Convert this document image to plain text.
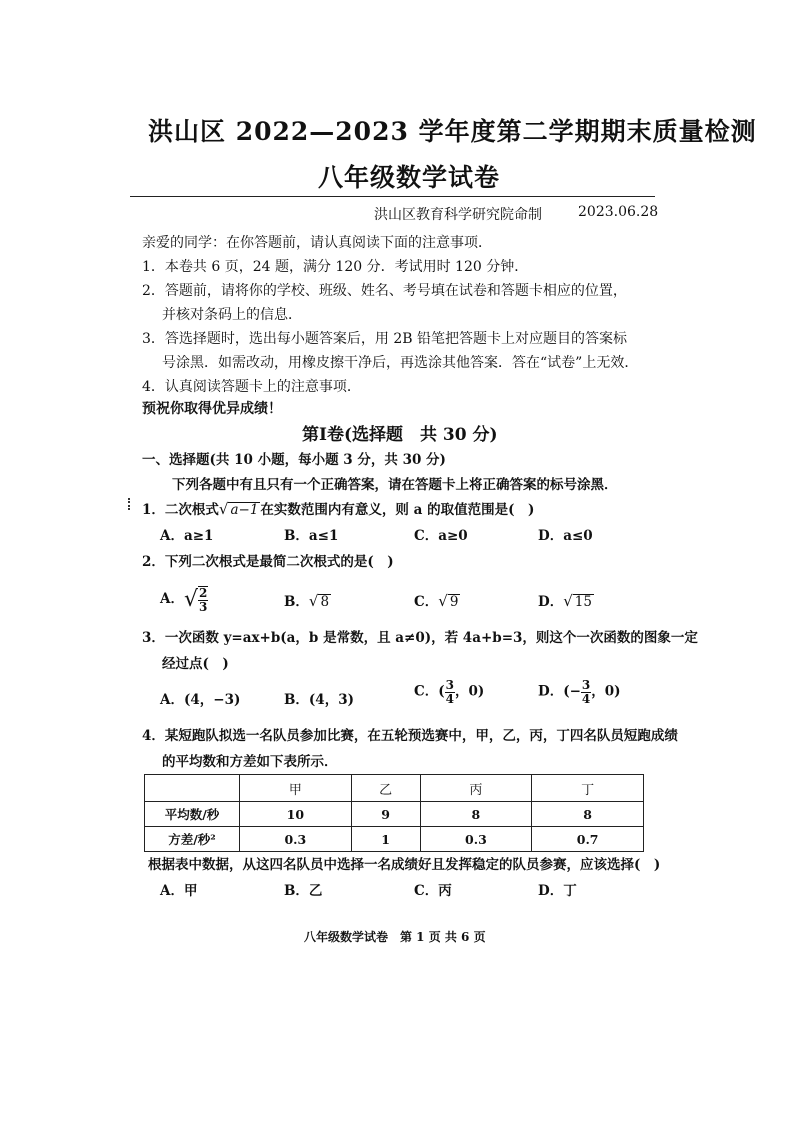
洪山区 2022—2023 学年度第二学期期末质量检测
八年级数学试卷
洪山区教育科学研究院命制	2023.06.28
亲爱的同学：在你答题前，请认真阅读下面的注意事项．
1．本卷共 6 页，24 题，满分 120 分．考试用时 120 分钟．
2．答题前，请将你的学校、班级、姓名、考号填在试卷和答题卡相应的位置，
并核对条码上的信息．
3．答选择题时，选出每小题答案后，用 2B 铅笔把答题卡上对应题目的答案标
号涂黑．如需改动，用橡皮擦干净后，再选涂其他答案．答在“试卷”上无效．
4．认真阅读答题卡上的注意事项．
预祝你取得优异成绩！
第Ⅰ卷(选择题　共 30 分)
一、选择题(共 10 小题，每小题 3 分，共 30 分)
下列各题中有且只有一个正确答案，请在答题卡上将正确答案的标号涂黑．
1．二次根式√ a−1 在实数范围内有意义，则 a 的取值范围是(　)
A．a≥1	B．a≤1	C．a≥0	D．a≤0
2．下列二次根式是最简二次根式的是(　)
A．√ $\frac{2}{3}$	B．√ 8	C．√ 9	D．√ 15
3．一次函数 y=ax+b(a，b 是常数，且 a≠0)，若 4a+b=3，则这个一次函数的图象一定
经过点(　)
A．(4，−3)	B．(4，3)
C．( $\frac{3}{4}$ ，0)	D．(− $\frac{3}{4}$ ，0)
4．某短跑队拟选一名队员参加比赛，在五轮预选赛中，甲，乙，丙，丁四名队员短跑成绩
的平均数和方差如下表所示．
	甲	乙	丙	丁
平均数/秒	10	9	8	8
方差/秒²	0.3	1	0.3	0.7
根据表中数据，从这四名队员中选择一名成绩好且发挥稳定的队员参赛，应该选择(　)
A．甲	B．乙	C．丙	D．丁
八年级数学试卷　第 1 页 共 6 页
